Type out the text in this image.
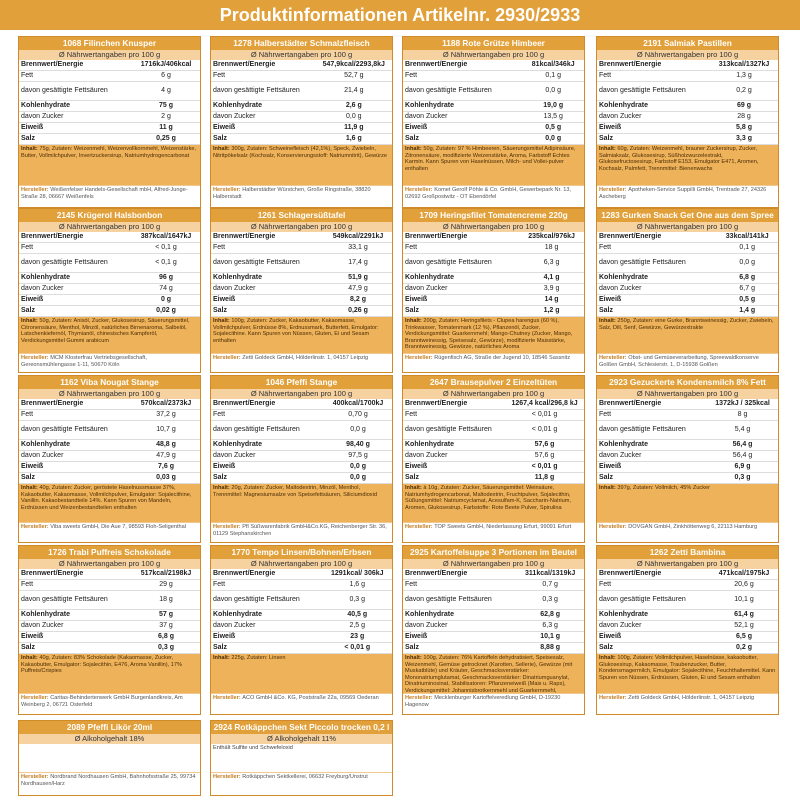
Produktinformationen Artikelnr. 2930/2933
1068 Filinchen Knusper
Ø Nährwertangaben pro 100 g
Brennwert/Energie	1716kJ/406kcal
Fett	6 g
davon gesättigte Fettsäuren	4 g
Kohlenhydrate	75 g
davon Zucker	2 g
Eiweiß	11 g
Salz	0,25 g
Inhalt: 75g, Zutaten: Weizenmehl, Weizenvollkornmehl, Weizenstärke, Butter, Vollmilchpulver, Invertzuckersirup, Natriumhydrogencarbonat
Hersteller: Weißenfelser Handels-Gesellschaft mbH, Alfred-Junge-Straße 28, 06667 Weißenfels
1278 Halberstädter Schmalzfleisch
Ø Nährwertangaben pro 100 g
Brennwert/Energie	547,9kcal/2293,8kJ
Fett	52,7 g
davon gesättigte Fettsäuren	21,4 g
Kohlenhydrate	2,6 g
davon Zucker	0,0 g
Eiweiß	11,9 g
Salz	1,6 g
Inhalt: 300g, Zutaten: Schweinefleisch (42,1%), Speck, Zwiebeln, Nitritpökelsalz (Kochsalz, Konservierungsstoff: Natriumnitrit), Gewürze
Hersteller: Halberstädter Würstchen, Große Ringstraße, 38820 Halberstadt
1188 Rote Grütze Himbeer
Ø Nährwertangaben pro 100 g
Brennwert/Energie	81kcal/346kJ
Fett	0,1 g
davon gesättigte Fettsäuren	0,0 g
Kohlenhydrate	19,0 g
davon Zucker	13,5 g
Eiweiß	0,5 g
Salz	0,0 g
Inhalt: 50g, Zutaten: 97 % Himbeeren, Säuerungsmittel Adipinsäure, Zitronensäure, modifizierte Weizenstärke, Aroma, Farbstoff Echtes Karmin. Kann Spuren von Haselnüssen, Milch- und Vollei-pulver enthalten
Hersteller: Komet Gerolf Pöhle & Co. GmbH, Gewerbepark Nr. 13, 02692 Großpostwitz - OT Ebendörfel
2191 Salmiak Pastillen
Ø Nährwertangaben pro 100 g
Brennwert/Energie	313kcal/1327kJ
Fett	1,3 g
davon gesättigte Fettsäuren	0,2 g
Kohlenhydrate	69 g
davon Zucker	28 g
Eiweiß	5,8 g
Salz	3,3 g
Inhalt: 60g, Zutaten: Weizenmehl, brauner Zuckersirup, Zucker, Salmiaksalz, Glukosesirup, Süßholzwurzelextrakt, Glukosefructosesirup, Farbstoff E153, Emulgator E471, Aromen, Kochsalz, Palmfett, Trennmittel: Bienenwachs
Hersteller: Apotheken-Service Suppilli GmbH, Trentrade 27, 24326 Ascheberg
2145 Krügerol Halsbonbon
Ø Nährwertangaben pro 100 g
Brennwert/Energie	387kcal/1647kJ
Fett	< 0,1 g
davon gesättigte Fettsäuren	< 0,1 g
Kohlenhydrate	96 g
davon Zucker	74 g
Eiweiß	0 g
Salz	0,02 g
Inhalt: 50g, Zutaten: Anisöl, Zucker, Glukosesirup, Säuerungsmittel, Citronensäure, Menthol, Minzöl, natürliches Birnenaroma, Salbeiöl, Latschenkiefernöl, Thymianöl, chinesisches Kampferöl, Verdickungsmittel Gummi arabicum
Hersteller: MCM Klosterfrau Vertriebsgesellschaft, Gereonsmühlengasse 1-11, 50670 Köln
1261 Schlagersüßtafel
Ø Nährwertangaben pro 100 g
Brennwert/Energie	549kcal/2291kJ
Fett	33,1 g
davon gesättigte Fettsäuren	17,4 g
Kohlenhydrate	51,9 g
davon Zucker	47,9 g
Eiweiß	8,2 g
Salz	0,26 g
Inhalt: 100g, Zutaten: Zucker, Kakaobutter, Kakaomasse, Vollmilchpulver, Erdnüsse 8%, Erdnussmark, Butterfett, Emulgator: Sojalecithine. Kann Spuren von Nüssen, Gluten, Ei und Sesam enthalten
Hersteller: Zetti Goldeck GmbH, Hölderlinstr. 1, 04157 Leipzig
1709 Heringsfilet Tomatencreme 220g
Ø Nährwertangaben pro 100 g
Brennwert/Energie	235kcal/976kJ
Fett	18 g
davon gesättigte Fettsäuren	6,3 g
Kohlenhydrate	4,1 g
davon Zucker	3,9 g
Eiweiß	14 g
Salz	1,2 g
Inhalt: 200g, Zutaten: Heringsfilets - Clupea harengus (60 %), Trinkwasser, Tomatenmark (12 %), Pflanzenöl, Zucker, Verdickungsmittel: Guarkernmehl; Mango-Chutney (Zucker, Mango, Branntweinessig, Speisesalz, Gewürze), modifizierte Maisstärke, Branntweinessig, Gewürze, natürliches Aroma
Hersteller: Rügenfisch AG, Straße der Jugend 10, 18546 Sassnitz
1283 Gurken Snack Get One aus dem Spree
Ø Nährwertangaben pro 100 g
Brennwert/Energie	33kcal/141kJ
Fett	0,1 g
davon gesättigte Fettsäuren	0,0 g
Kohlenhydrate	6,8 g
davon Zucker	6,7 g
Eiweiß	0,5 g
Salz	1,4 g
Inhalt: 250g, Zutaten: eine Gurke, Branntweinessig, Zucker, Zwiebeln, Salz, Dill, Senf, Gewürze, Gewürzextrakte
Hersteller: Obst- und Gemüseverarbeitung, Spreewaldkonserve Golßen GmbH, Schlesierstr. 1, D-15938 Golßen
1162 Viba Nougat Stange
Ø Nährwertangaben pro 100 g
Brennwert/Energie	570kcal/2373kJ
Fett	37,2 g
davon gesättigte Fettsäuren	10,7 g
Kohlenhydrate	48,8 g
davon Zucker	47,9 g
Eiweiß	7,6 g
Salz	0,03 g
Inhalt: 40g, Zutaten: Zucker, geröstete Haselnussmasse 37%, Kakaobutter, Kakaomasse, Vollmilchpulver, Emulgator: Sojalecithine, Vanillin. Kakaobestandteile 14%. Kann Spuren von Mandeln, Erdnüssen und Weizenbestandteilen enthalten
Hersteller: Viba sweets GmbH, Die Aue 7, 98593 Floh-Seligenthal
1046 Pfeffi Stange
Ø Nährwertangaben pro 100 g
Brennwert/Energie	400kcal/1700kJ
Fett	0,70 g
davon gesättigte Fettsäuren	0,0 g
Kohlenhydrate	98,40 g
davon Zucker	97,5 g
Eiweiß	0,0 g
Salz	0,0 g
Inhalt: 20g, Zutaten: Zucker, Maltodextrin, Minzöl, Menthol, Trennmittel: Magnesiumsalze von Speisefettsäuren, Siliciumdioxid
Hersteller: Pfl Süßwarenfabrik GmbH&Co.KG, Reichenberger Str. 36, 01129 Stephanskirchen
2647 Brausepulver 2 Einzeltüten
Ø Nährwertangaben pro 100 g
Brennwert/Energie	1267,4 kcal/296,8 kJ
Fett	< 0,01 g
davon gesättigte Fettsäuren	< 0,01 g
Kohlenhydrate	57,6 g
davon Zucker	57,6 g
Eiweiß	< 0,01 g
Salz	11,8 g
Inhalt: à 10g, Zutaten: Zucker, Säuerungsmittel: Weinsäure, Natriumhydrogencarbonat, Maltodextrin, Fruchtpulver, Sojalecithin, Süßungsmittel: Natriumcyclamat, Acesulfam-K, Saccharin-Natrium, Aromen, Glukosesirup, Farbstoffe: Rote Beete Pulver, Spirulina
Hersteller: TOP Sweets GmbH, Niederlassung Erfurt, 99091 Erfurt
2923 Gezuckerte Kondensmilch 8% Fett
Ø Nährwertangaben pro 100 g
Brennwert/Energie	1372kJ / 325kcal
Fett	8 g
davon gesättigte Fettsäuren	5,4 g
Kohlenhydrate	56,4 g
davon Zucker	56,4 g
Eiweiß	6,9 g
Salz	0,3 g
Inhalt: 397g, Zutaten: Vollmilch, 45% Zucker
Hersteller: DOVGAN GmbH, Zinkhöttenweg 6, 22113 Hamburg
1726 Trabi Puffreis Schokolade
Ø Nährwertangaben pro 100 g
Brennwert/Energie	517kcal/2198kJ
Fett	29 g
davon gesättigte Fettsäuren	18 g
Kohlenhydrate	57 g
davon Zucker	37 g
Eiweiß	6,8 g
Salz	0,3 g
Inhalt: 40g, Zutaten: 83% Schokolade (Kakaomasse, Zucker, Kakaobutter, Emulgator: Sojalecithin, E476, Aroma Vanillin), 17% Puffreis/Crispies
Hersteller: Caritas-Behindertenwerk GmbH Burgenlandkreis, Am Weinberg 2, 06721 Osterfeld
1770 Tempo Linsen/Bohnen/Erbsen
Ø Nährwertangaben pro 100 g
Brennwert/Energie	1291kcal/ 306kJ
Fett	1,6 g
davon gesättigte Fettsäuren	0,3 g
Kohlenhydrate	40,5 g
davon Zucker	2,5 g
Eiweiß	23 g
Salz	< 0,01 g
Inhalt: 225g, Zutaten: Linsen
Hersteller: ACO GmbH &Co. KG, Poststraße 22a, 09569 Oederan
2925 Kartoffelsuppe 3 Portionen im Beutel
Ø Nährwertangaben pro 100 g
Brennwert/Energie	311kcal/1319kJ
Fett	0,7 g
davon gesättigte Fettsäuren	0,3 g
Kohlenhydrate	62,8 g
davon Zucker	6,3 g
Eiweiß	10,1 g
Salz	8,88 g
Inhalt: 100g, Zutaten: 76% Kartoffeln dehydratisiert, Speisesalz, Weizenmehl, Gemüse getrocknet (Karotten, Sellerie), Gewürze (mit Muskatblüte) und Kräuter, Geschmacksverstärker: Mononatriumglutamat, Geschmacksverstärker: Dinatriumguanylat, Dinatriuminosinat, Stabilisatoren: Pflanzeneiweiß (Mais u. Raps), Verdickungsmittel: Johannisbrotkernmehl und Guarkernmehl,
Hersteller: Mecklenburger Kartoffelveredlung GmbH, D-19230 Hagenow
1262 Zetti Bambina
Ø Nährwertangaben pro 100 g
Brennwert/Energie	471kcal/1975kJ
Fett	20,6 g
davon gesättigte Fettsäuren	10,1 g
Kohlenhydrate	61,4 g
davon Zucker	52,1 g
Eiweiß	6,5 g
Salz	0,2 g
Inhalt: 100g, Zutaten: Vollmilchpulver, Haselnüsse, kakaobutter, Glukosesirup, Kakaomasse, Traubenzucker, Butter, Kondensmagermilch, Emulgator: Sojalecithine, Feuchthaltemittel. Kann Spuren von Nüssen, Erdnüssen, Gluten, Ei und Sesam enthalten
Hersteller: Zetti Goldeck GmbH, Hölderlinstr. 1, 04157 Leipzig
2089 Pfeffi Likör 20ml
Ø Alkoholgehalt 18%
Hersteller: Nordbrand Nordhausen GmbH, Bahnhofsstraße 25, 99734 Nordhausen/Harz
2924 Rotkäppchen Sekt Piccolo trocken 0,2 l
Ø Alkoholgehalt 11%
Enthält Sulfite und Schwefeloxid
Hersteller: Rotkäppchen Sektkellerei, 06632 Freyburg/Unstrut
